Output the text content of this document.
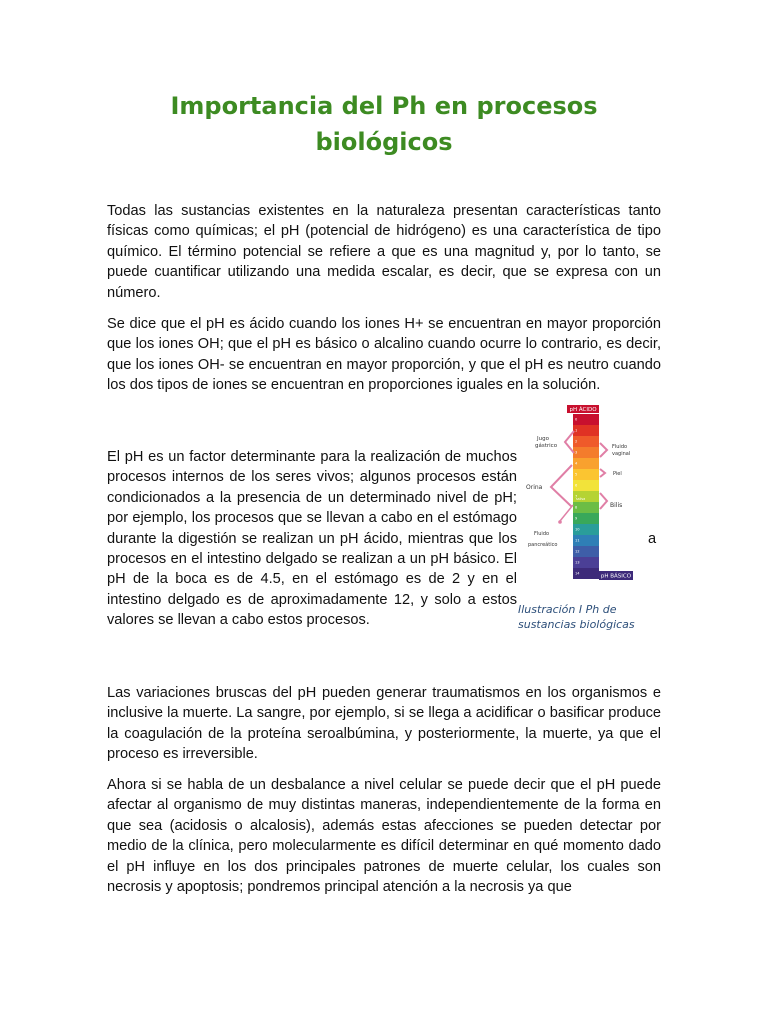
Importancia del Ph en procesos biológicos

Todas las sustancias existentes en la naturaleza presentan características tanto físicas como químicas; el pH (potencial de hidrógeno) es una característica de tipo químico. El término potencial se refiere a que es una magnitud y, por lo tanto, se puede cuantificar utilizando una medida escalar, es decir, que se expresa con un número.

Se dice que el pH es ácido cuando los iones H+ se encuentran en mayor proporción que los iones OH; que el pH es básico o alcalino cuando ocurre lo contrario, es decir, que los iones OH- se encuentran en mayor proporción, y que el pH es neutro cuando los dos tipos de iones se encuentran en proporciones iguales en la solución.

El pH es un factor determinante para la realización de muchos procesos internos de los seres vivos; algunos procesos están condicionados a la presencia de un determinado nivel de pH; por ejemplo, los procesos que se llevan a cabo en el estómago durante la digestión se realizan un pH ácido, mientras que los procesos en el intestino delgado se realizan a un pH básico. El pH de la boca es de 4.5, en el estómago es de 2 y en el intestino delgado es de aproximadamente 12, y solo a estos valores se llevan a cabo estos procesos.

a
pH ÁCIDO
0
1
2
3
4
5
6
7
8
9
10
11
12
13
14
pH BÁSICO
Jugo
gástrico	Fluido
vaginal
Piel
Orina
Bilis
saliva
Fluido
pancreático

Ilustración I Ph de sustancias biológicas

Las variaciones bruscas del pH pueden generar traumatismos en los organismos e inclusive la muerte. La sangre, por ejemplo, si se llega a acidificar o basificar produce la coagulación de la proteína seroalbúmina, y posteriormente, la muerte, ya que el proceso es irreversible.

Ahora si se habla de un desbalance a nivel celular se puede decir que el pH puede afectar al organismo de muy distintas maneras, independientemente de la forma en que sea (acidosis o alcalosis), además estas afecciones se pueden detectar por medio de la clínica, pero molecularmente es difícil determinar en qué momento dado el pH influye en los dos principales patrones de muerte celular, los cuales son necrosis y apoptosis; pondremos principal atención a la necrosis ya que
